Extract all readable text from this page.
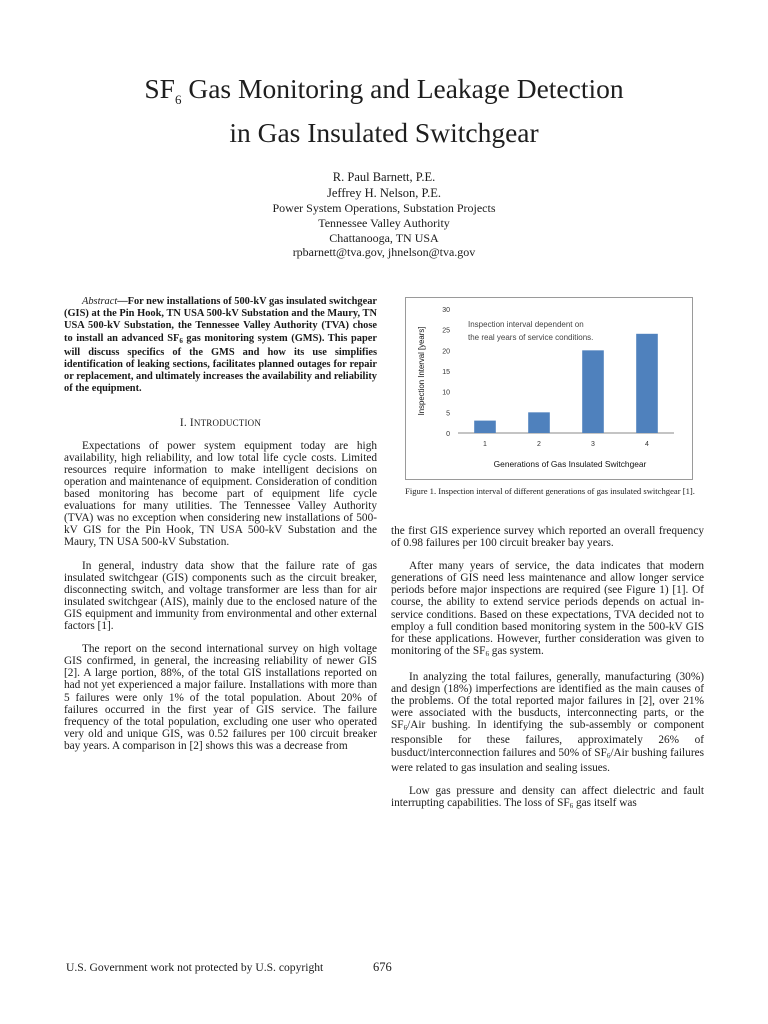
$SF_6$ Gas Monitoring and Leakage Detection
in Gas Insulated Switchgear
R. Paul Barnett, P.E.
Jeffrey H. Nelson, P.E.
Power System Operations, Substation Projects
Tennessee Valley Authority
Chattanooga, TN USA
rpbarnett@tva.gov, jhnelson@tva.gov

Abstract—For new installations of 500-kV gas insulated switchgear (GIS) at the Pin Hook, TN USA 500-kV Substation and the Maury, TN USA 500-kV Substation, the Tennessee Valley Authority (TVA) chose to install an advanced $SF_6$ gas monitoring system (GMS). This paper will discuss specifics of the GMS and how its use simplifies identification of leaking sections, facilitates planned outages for repair or replacement, and ultimately increases the availability and reliability of the equipment.

I. INTRODUCTION

Expectations of power system equipment today are high availability, high reliability, and low total life cycle costs. Limited resources require information to make intelligent decisions on operation and maintenance of equipment. Consideration of condition based monitoring has become part of equipment life cycle evaluations for many utilities. The Tennessee Valley Authority (TVA) was no exception when considering new installations of 500-kV GIS for the Pin Hook, TN USA 500-kV Substation and the Maury, TN USA 500-kV Substation.

In general, industry data show that the failure rate of gas insulated switchgear (GIS) components such as the circuit breaker, disconnecting switch, and voltage transformer are less than for air insulated switchgear (AIS), mainly due to the enclosed nature of the GIS equipment and immunity from environmental and other external factors [1].

The report on the second international survey on high voltage GIS confirmed, in general, the increasing reliability of newer GIS [2]. A large portion, 88%, of the total GIS installations reported on had not yet experienced a major failure. Installations with more than 5 failures were only 1% of the total population. About 20% of failures occurred in the first year of GIS service. The failure frequency of the total population, excluding one user who operated very old and unique GIS, was 0.52 failures per 100 circuit breaker bay years. A comparison in [2] shows this was a decrease from

0
5
10
15
20
25
30
1	2	3	4
Generations of Gas Insulated Switchgear
Inspection Interval [years]
Inspection interval dependent on
the real years of service conditions.
Figure 1. Inspection interval of different generations of gas insulated switchgear [1].

the first GIS experience survey which reported an overall frequency of 0.98 failures per 100 circuit breaker bay years.

After many years of service, the data indicates that modern generations of GIS need less maintenance and allow longer service periods before major inspections are required (see Figure 1) [1]. Of course, the ability to extend service periods depends on actual in-service conditions. Based on these expectations, TVA decided not to employ a full condition based monitoring system in the 500-kV GIS for these applications. However, further consideration was given to monitoring of the $SF_6$ gas system.

In analyzing the total failures, generally, manufacturing (30%) and design (18%) imperfections are identified as the main causes of the problems. Of the total reported major failures in [2], over 21% were associated with the busducts, interconnecting parts, or the $SF_6$/Air bushing. In identifying the sub-assembly or component responsible for these failures, approximately 26% of busduct/interconnection failures and 50% of $SF_6$/Air bushing failures were related to gas insulation and sealing issues.

Low gas pressure and density can affect dielectric and fault interrupting capabilities. The loss of $SF_6$ gas itself was

U.S. Government work not protected by U.S. copyright	676
